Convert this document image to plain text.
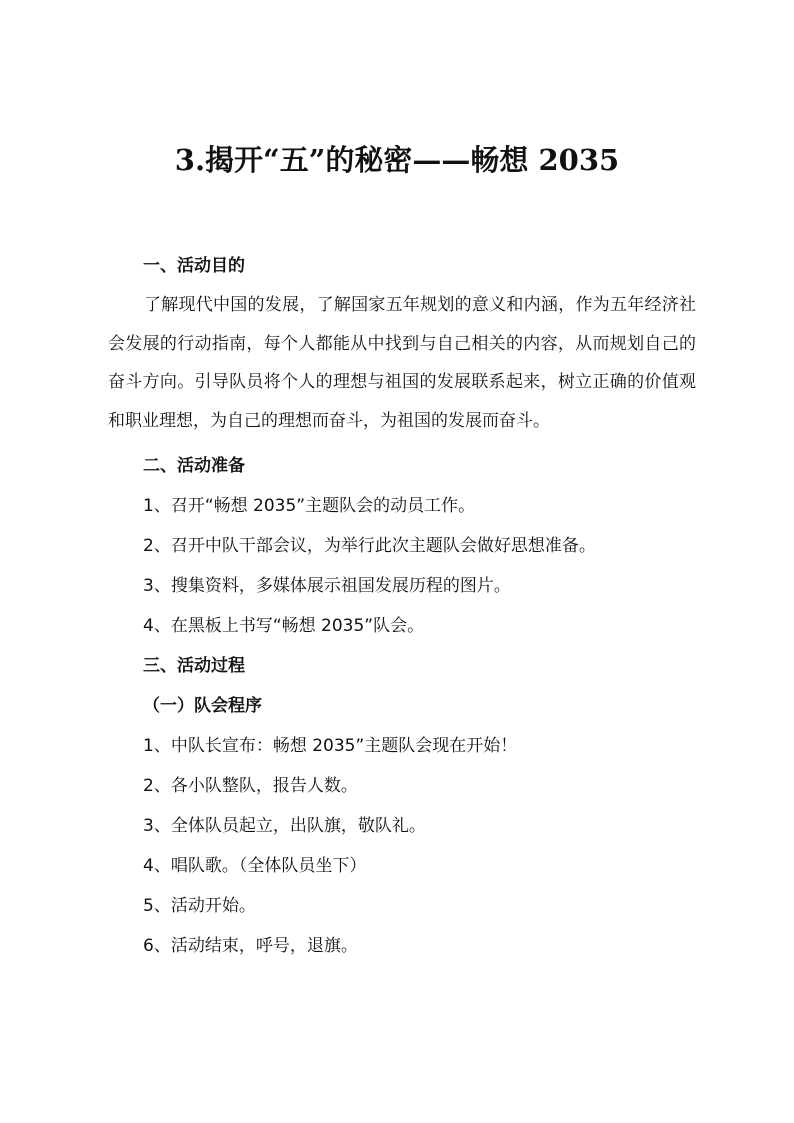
3.揭开“五”的秘密——畅想 2035
一、活动目的
了解现代中国的发展，了解国家五年规划的意义和内涵，作为五年经济社会发展的行动指南，每个人都能从中找到与自己相关的内容，从而规划自己的奋斗方向。引导队员将个人的理想与祖国的发展联系起来，树立正确的价值观和职业理想，为自己的理想而奋斗，为祖国的发展而奋斗。
二、活动准备
1、召开“畅想 2035”主题队会的动员工作。
2、召开中队干部会议，为举行此次主题队会做好思想准备。
3、搜集资料，多媒体展示祖国发展历程的图片。
4、在黑板上书写“畅想 2035”队会。
三、活动过程
（一）队会程序
1、中队长宣布：畅想 2035”主题队会现在开始！
2、各小队整队，报告人数。
3、全体队员起立，出队旗，敬队礼。
4、唱队歌。（全体队员坐下）
5、活动开始。
6、活动结束，呼号，退旗。
